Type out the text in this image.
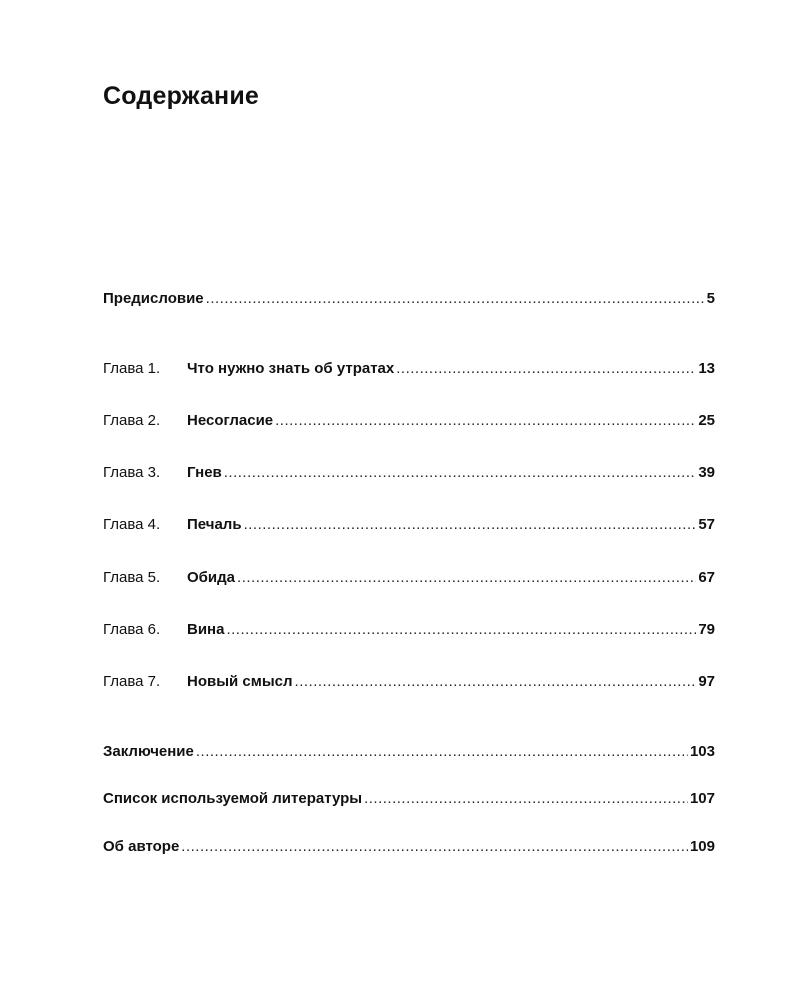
Содержание
Предисловие .....	5
Глава 1.	Что нужно знать об утратах .....	13
Глава 2.	Несогласие .....	25
Глава 3.	Гнев .....	39
Глава 4.	Печаль .....	57
Глава 5.	Обида .....	67
Глава 6.	Вина .....	79
Глава 7.	Новый смысл .....	97
Заключение .....	103
Список используемой литературы .....	107
Об авторе .....	109
